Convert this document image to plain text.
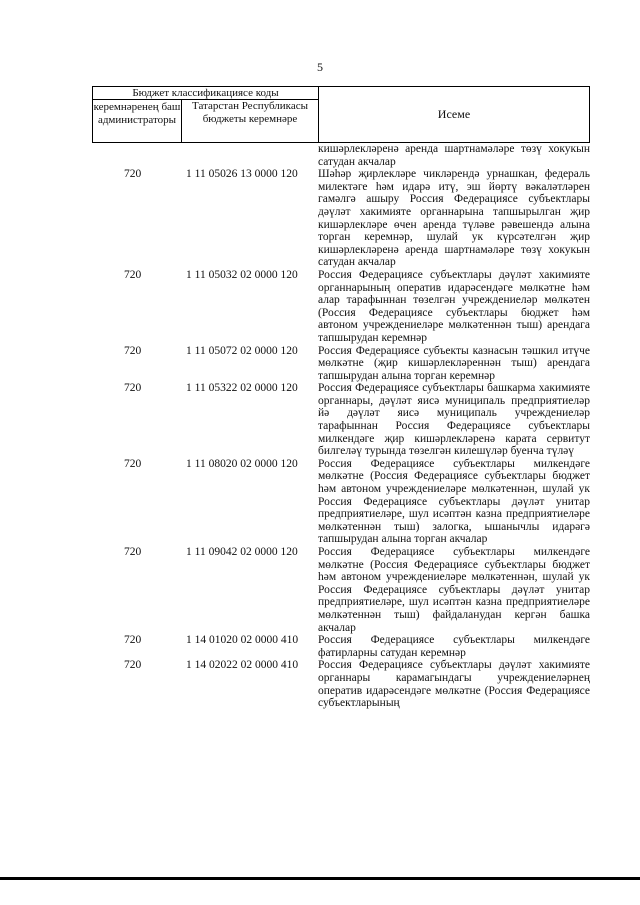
5
Бюджет классификациясе коды
керемнәренең баш администраторы
Татарстан Республикасы бюджеты керемнәре	Исеме
кишәрлекләренә аренда шартнамәләре төзү хокукын сатудан акчалар
720	1 11 05026 13 0000 120	Шәһәр җирлекләре чикләрендә урнашкан, федераль милектәге һәм идарә итү, эш йөртү вәкаләтләрен гамәлгә ашыру Россия Федерациясе субъектлары дәүләт хакимияте органнарына тапшырылган җир кишәрлекләре өчен аренда түләве рәвешендә алына торган керемнәр, шулай ук күрсәтелгән җир кишәрлекләренә аренда шартнамәләре төзү хокукын сатудан акчалар
720	1 11 05032 02 0000 120	Россия Федерациясе субъектлары дәүләт хакимияте органнарының оператив идарәсендәге мөлкәтне һәм алар тарафыннан төзелгән учреждениеләр мөлкәтен (Россия Федерациясе субъектлары бюджет һәм автоном учреждениеләре мөлкәтеннән тыш) арендага тапшырудан керемнәр
720	1 11 05072 02 0000 120	Россия Федерациясе субъекты казнасын тәшкил итүче мөлкәтне (җир кишәрлекләреннән тыш) арендага тапшырудан алына торган керемнәр
720	1 11 05322 02 0000 120	Россия Федерациясе субъектлары башкарма хакимияте органнары, дәүләт яисә муниципаль предприятиеләр йә дәүләт яисә муниципаль учреждениеләр тарафыннан Россия Федерациясе субъектлары милкендәге җир кишәрлекләренә карата сервитут билгеләү турында төзелгән килешүләр буенча түләү
720	1 11 08020 02 0000 120	Россия Федерациясе субъектлары милкендәге мөлкәтне (Россия Федерациясе субъектлары бюджет һәм автоном учреждениеләре мөлкәтеннән, шулай ук Россия Федерациясе субъектлары дәүләт унитар предприятиеләре, шул исәптән казна предприятиеләре мөлкәтеннән тыш) залогка, ышанычлы идарәгә тапшырудан алына торган акчалар
720	1 11 09042 02 0000 120	Россия Федерациясе субъектлары милкендәге мөлкәтне (Россия Федерациясе субъектлары бюджет һәм автоном учреждениеләре мөлкәтеннән, шулай ук Россия Федерациясе субъектлары дәүләт унитар предприятиеләре, шул исәптән казна предприятиеләре мөлкәтеннән тыш) файдаланудан кергән башка акчалар
720	1 14 01020 02 0000 410	Россия Федерациясе субъектлары милкендәге фатирларны сатудан керемнәр
720	1 14 02022 02 0000 410	Россия Федерациясе субъектлары дәүләт хакимияте органнары карамагындагы учреждениеләрнең оператив идарәсендәге мөлкәтне (Россия Федерациясе субъектларының
